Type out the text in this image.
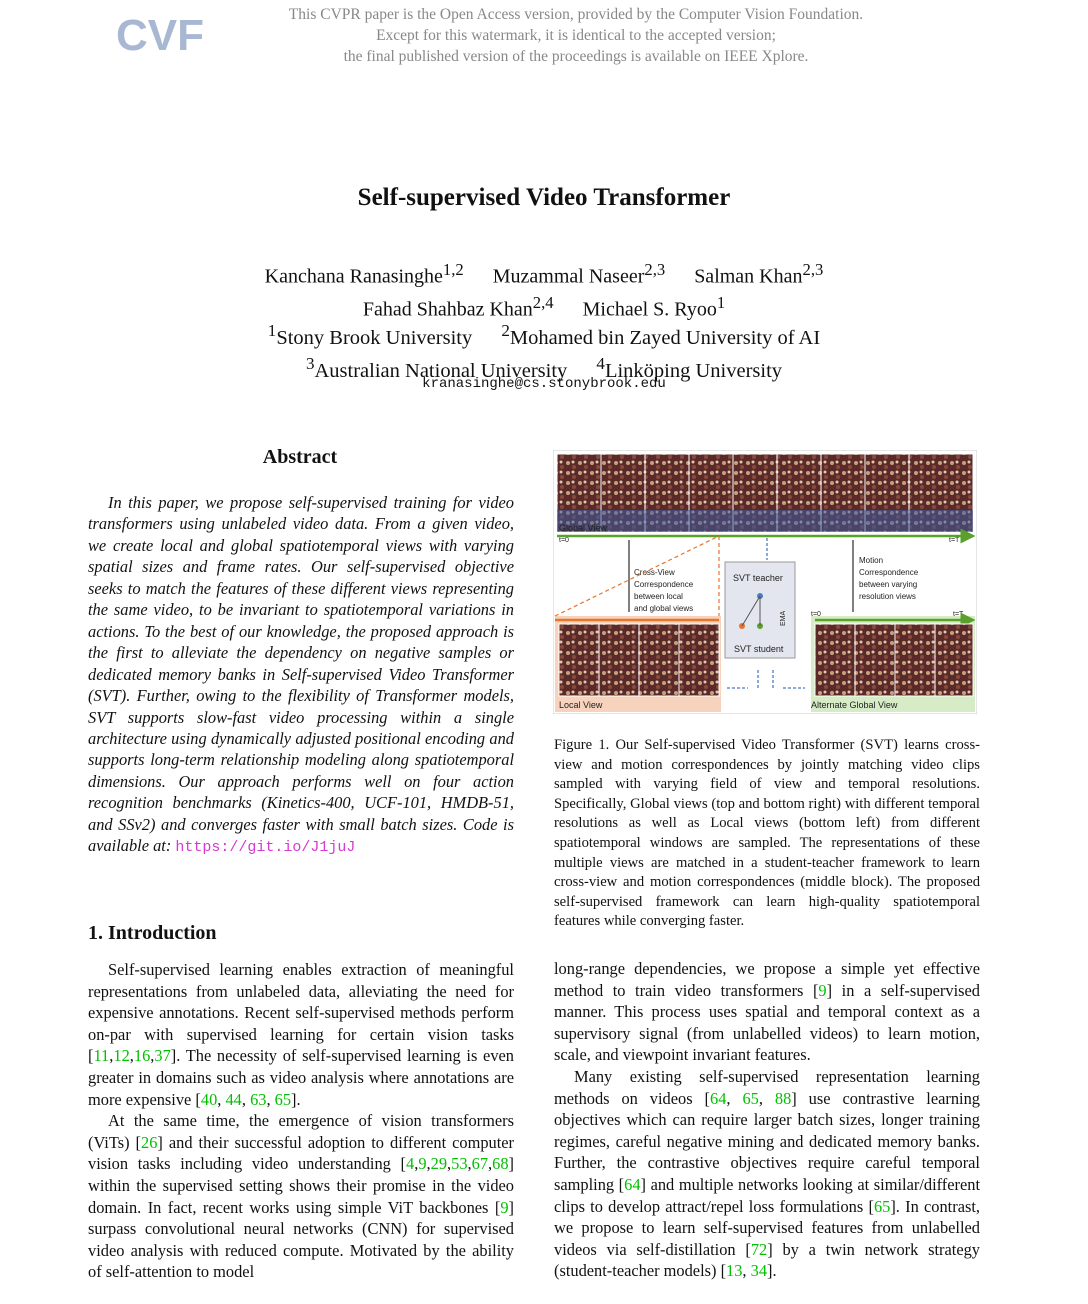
CVF	This CVPR paper is the Open Access version, provided by the Computer Vision Foundation.
Except for this watermark, it is identical to the accepted version;
the final published version of the proceedings is available on IEEE Xplore.
Self-supervised Video Transformer
Kanchana Ranasinghe$^{1,2}$ Muzammal Naseer$^{2,3}$ Salman Khan$^{2,3}$
Fahad Shahbaz Khan$^{2,4}$ Michael S. Ryoo$^1$
$^1$Stony Brook University $^2$Mohamed bin Zayed University of AI
$^3$Australian National University $^4$Linköping University
kranasinghe@cs.stonybrook.edu
Abstract
In this paper, we propose self-supervised training for video transformers using unlabeled video data. From a given video, we create local and global spatiotemporal views with varying spatial sizes and frame rates. Our self-supervised objective seeks to match the features of these different views representing the same video, to be invariant to spatiotemporal variations in actions. To the best of our knowledge, the proposed approach is the first to alleviate the dependency on negative samples or dedicated memory banks in Self-supervised Video Transformer (SVT). Further, owing to the flexibility of Transformer models, SVT supports slow-fast video processing within a single architecture using dynamically adjusted positional encoding and supports long-term relationship modeling along spatiotemporal dimensions. Our approach performs well on four action recognition benchmarks (Kinetics-400, UCF-101, HMDB-51, and SSv2) and converges faster with small batch sizes. Code is available at: https://git.io/J1juJ
Global View
t=0	t=T
Cross-View Correspondence between local and global views
SVT teacher
SVT student
EMA
Motion Correspondence between varying resolution views
t=0	t=T
Local View	Alternate Global View
Figure 1. Our Self-supervised Video Transformer (SVT) learns cross-view and motion correspondences by jointly matching video clips sampled with varying field of view and temporal resolutions. Specifically, Global views (top and bottom right) with different temporal resolutions as well as Local views (bottom left) from different spatiotemporal windows are sampled. The representations of these multiple views are matched in a student-teacher framework to learn cross-view and motion correspondences (middle block). The proposed self-supervised framework can learn high-quality spatiotemporal features while converging faster.
1. Introduction

Self-supervised learning enables extraction of meaningful representations from unlabeled data, alleviating the need for expensive annotations. Recent self-supervised methods perform on-par with supervised learning for certain vision tasks [11,12,16,37]. The necessity of self-supervised learning is even greater in domains such as video analysis where annotations are more expensive [40, 44, 63, 65].

At the same time, the emergence of vision transformers (ViTs) [26] and their successful adoption to different computer vision tasks including video understanding [4,9,29,53,67,68] within the supervised setting shows their promise in the video domain. In fact, recent works using simple ViT backbones [9] surpass convolutional neural networks (CNN) for supervised video analysis with reduced compute. Motivated by the ability of self-attention to model

long-range dependencies, we propose a simple yet effective method to train video transformers [9] in a self-supervised manner. This process uses spatial and temporal context as a supervisory signal (from unlabelled videos) to learn motion, scale, and viewpoint invariant features.

Many existing self-supervised representation learning methods on videos [64, 65, 88] use contrastive learning objectives which can require larger batch sizes, longer training regimes, careful negative mining and dedicated memory banks. Further, the contrastive objectives require careful temporal sampling [64] and multiple networks looking at similar/different clips to develop attract/repel loss formulations [65]. In contrast, we propose to learn self-supervised features from unlabelled videos via self-distillation [72] by a twin network strategy (student-teacher models) [13, 34].
